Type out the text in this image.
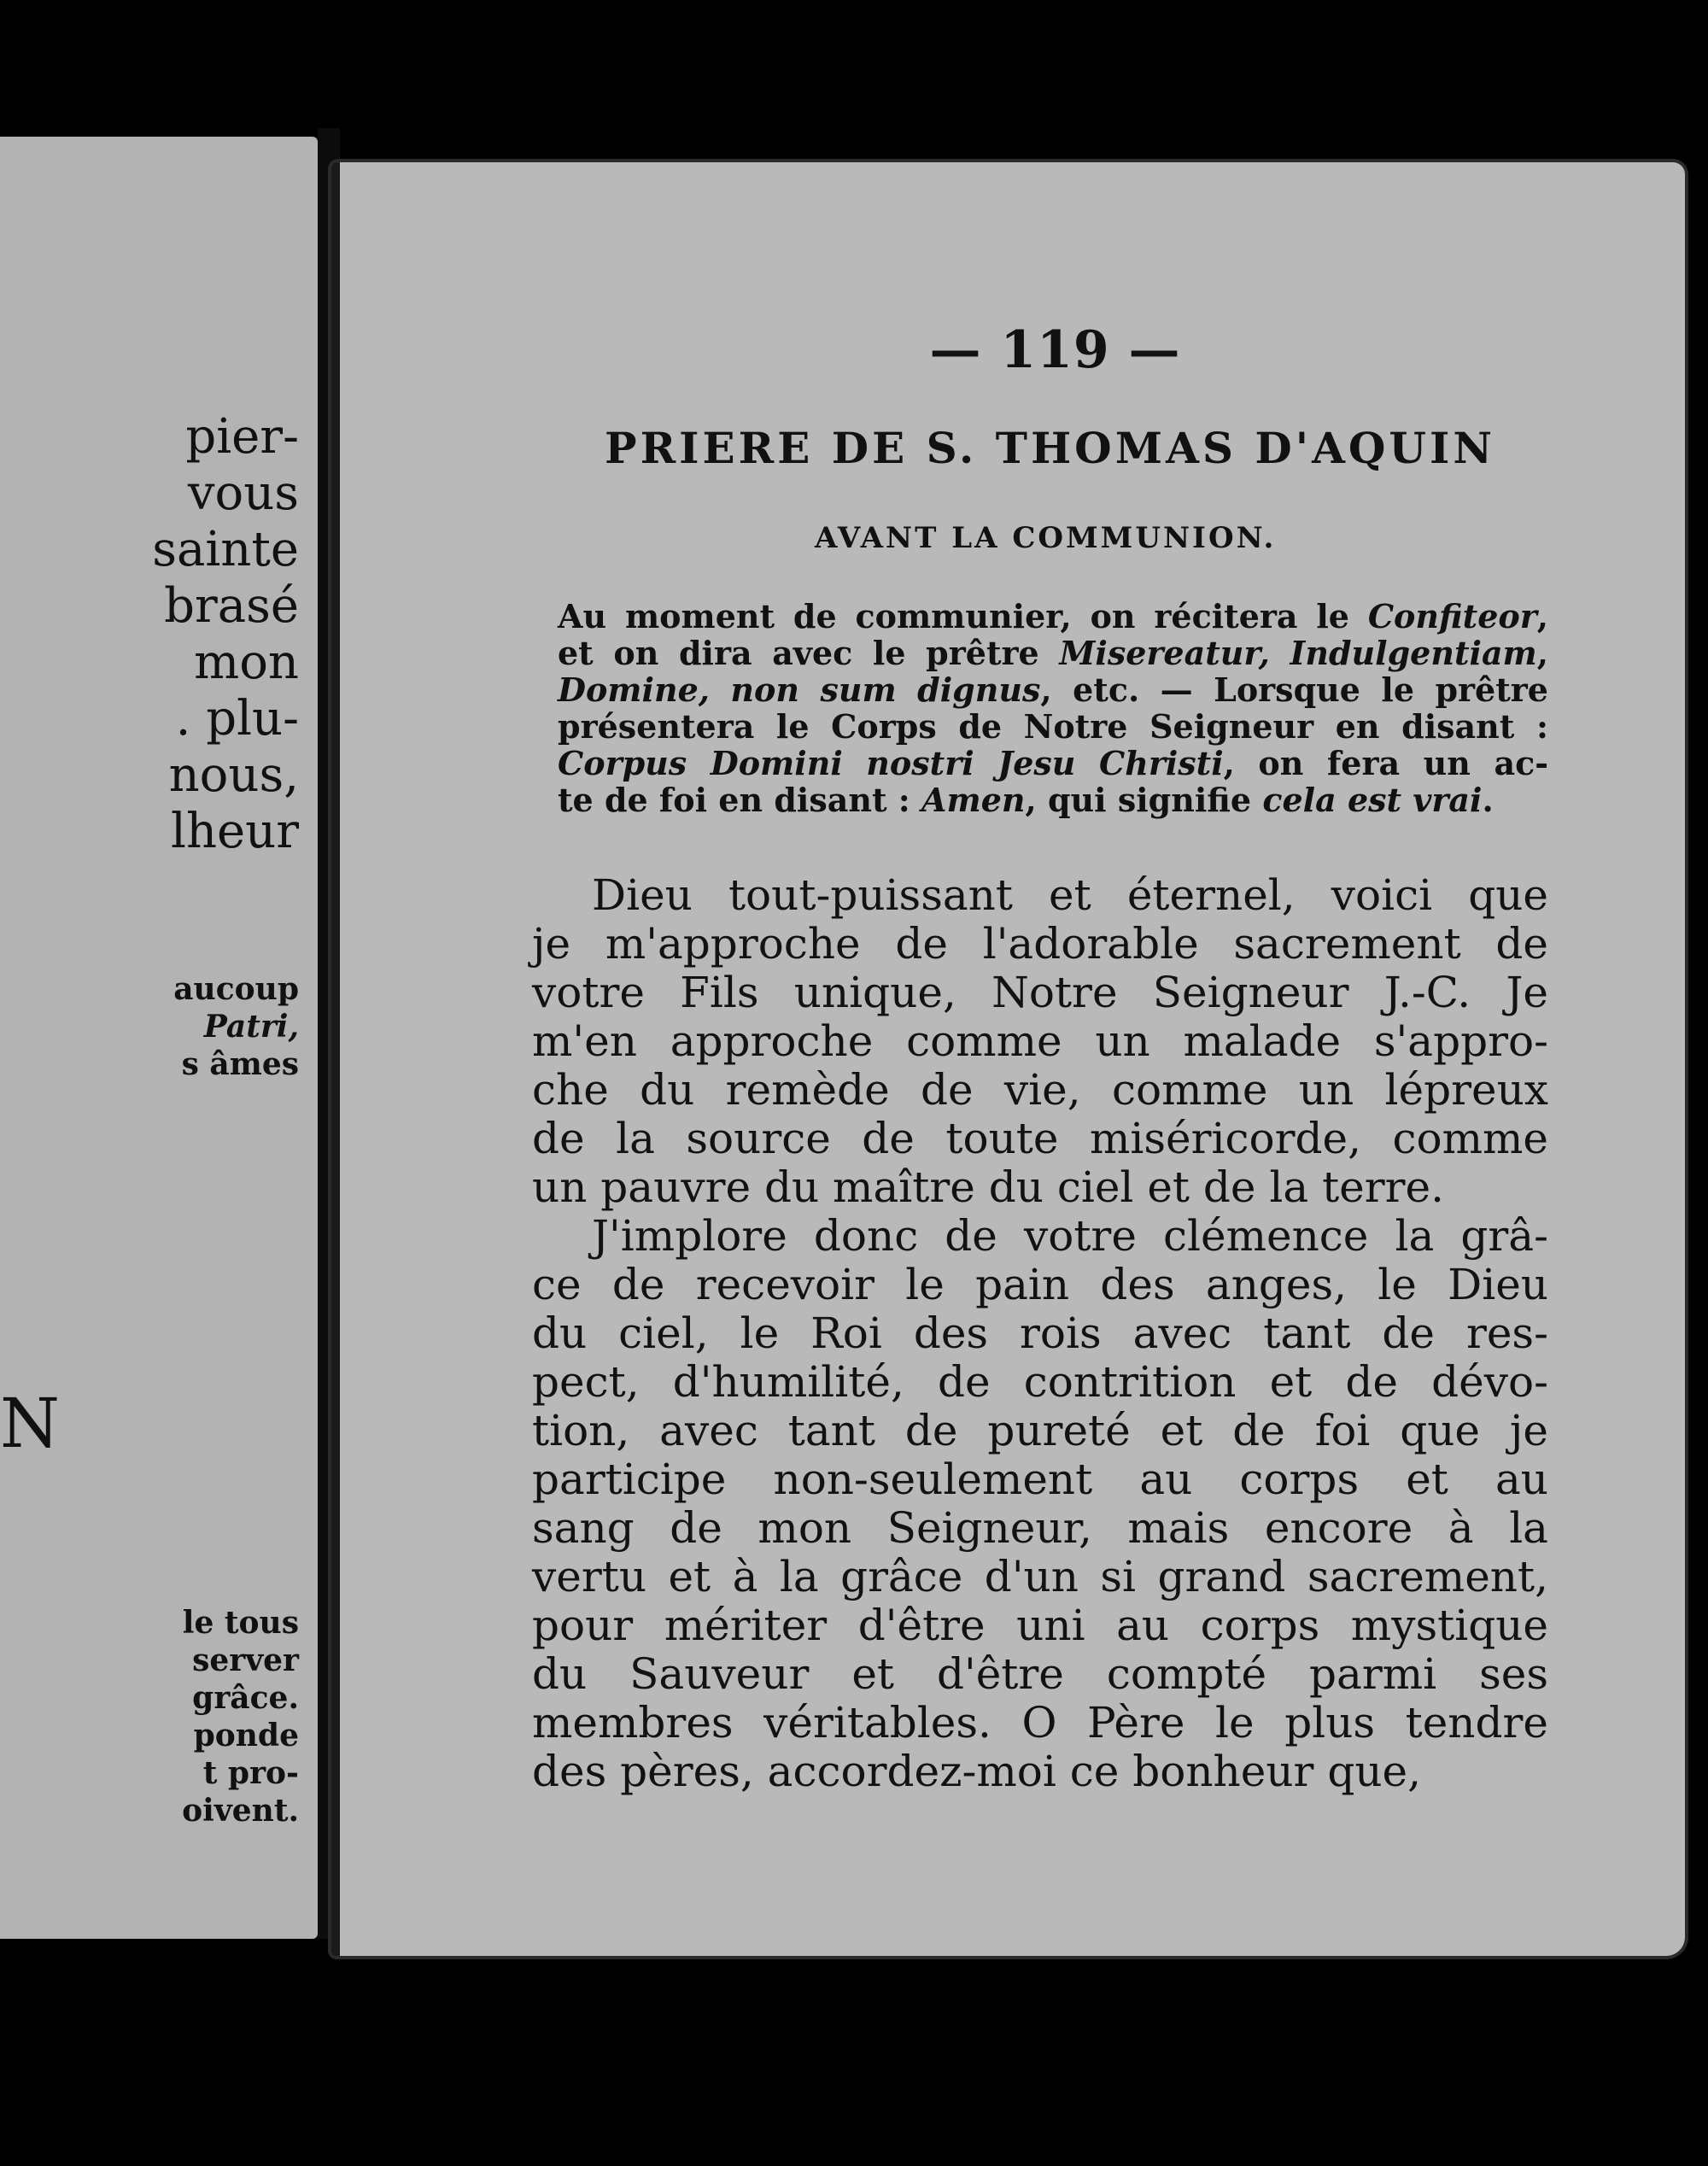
pier-
vous
sainte
brasé
mon
. plu-
nous,
lheur
aucoup
Patri,
s âmes
N
le tous
server
grâce.
ponde
t pro-
oivent.
— 119 —
PRIERE DE S. THOMAS D'AQUIN
AVANT LA COMMUNION.
Au moment de communier, on récitera le Confiteor,
et on dira avec le prêtre Misereatur, Indulgentiam,
Domine, non sum dignus, etc. — Lorsque le prêtre
présentera le Corps de Notre Seigneur en disant :
Corpus Domini nostri Jesu Christi, on fera un ac-
te de foi en disant : Amen, qui signifie cela est vrai.
Dieu tout-puissant et éternel, voici que
je m'approche de l'adorable sacrement de
votre Fils unique, Notre Seigneur J.-C. Je
m'en approche comme un malade s'appro-
che du remède de vie, comme un lépreux
de la source de toute miséricorde, comme
un pauvre du maître du ciel et de la terre.
J'implore donc de votre clémence la grâ-
ce de recevoir le pain des anges, le Dieu
du ciel, le Roi des rois avec tant de res-
pect, d'humilité, de contrition et de dévo-
tion, avec tant de pureté et de foi que je
participe non-seulement au corps et au
sang de mon Seigneur, mais encore à la
vertu et à la grâce d'un si grand sacrement,
pour mériter d'être uni au corps mystique
du Sauveur et d'être compté parmi ses
membres véritables. O Père le plus tendre
des pères, accordez-moi ce bonheur que,
